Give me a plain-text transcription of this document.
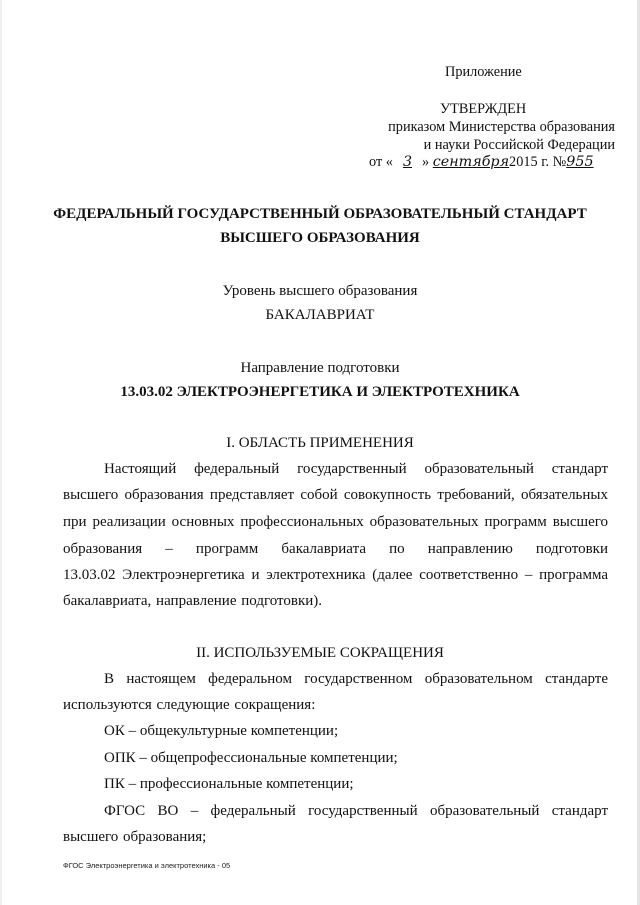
Приложение
УТВЕРЖДЕН
приказом Министерства образования
и науки Российской Федерации
от « 3 » сентября2015 г. №955
ФЕДЕРАЛЬНЫЙ ГОСУДАРСТВЕННЫЙ ОБРАЗОВАТЕЛЬНЫЙ СТАНДАРТ
ВЫСШЕГО ОБРАЗОВАНИЯ
Уровень высшего образования
БАКАЛАВРИАТ
Направление подготовки
13.03.02 ЭЛЕКТРОЭНЕРГЕТИКА И ЭЛЕКТРОТЕХНИКА
I. ОБЛАСТЬ ПРИМЕНЕНИЯ
Настоящий федеральный государственный образовательный стандарт
высшего образования представляет собой совокупность требований, обязательных
при реализации основных профессиональных образовательных программ высшего
образования – программ бакалавриата по направлению подготовки
13.03.02 Электроэнергетика и электротехника (далее соответственно – программа
бакалавриата, направление подготовки).
II. ИСПОЛЬЗУЕМЫЕ СОКРАЩЕНИЯ
В настоящем федеральном государственном образовательном стандарте
используются следующие сокращения:
ОК – общекультурные компетенции;
ОПК – общепрофессиональные компетенции;
ПК – профессиональные компетенции;
ФГОС ВО – федеральный государственный образовательный стандарт
высшего образования;
ФГОС Электроэнергетика и электротехника - 05
